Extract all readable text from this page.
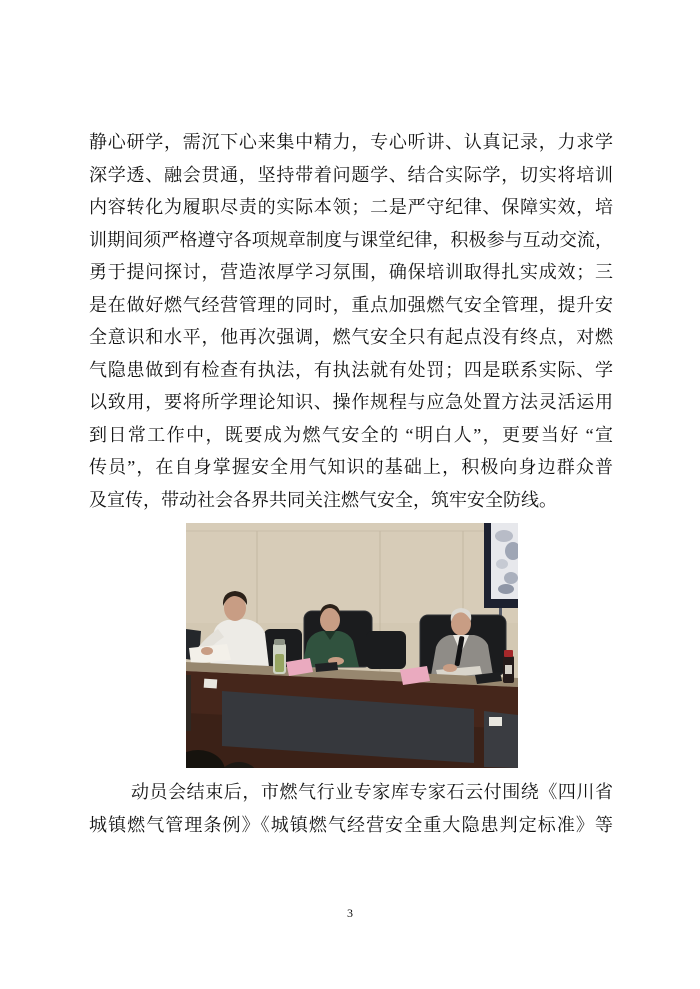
静心研学，需沉下心来集中精力，专心听讲、认真记录，力求学
深学透、融会贯通，坚持带着问题学、结合实际学，切实将培训
内容转化为履职尽责的实际本领；二是严守纪律、保障实效，培
训期间须严格遵守各项规章制度与课堂纪律，积极参与互动交流，
勇于提问探讨，营造浓厚学习氛围，确保培训取得扎实成效；三
是在做好燃气经营管理的同时，重点加强燃气安全管理，提升安
全意识和水平，他再次强调，燃气安全只有起点没有终点，对燃
气隐患做到有检查有执法，有执法就有处罚；四是联系实际、学
以致用，要将所学理论知识、操作规程与应急处置方法灵活运用
到日常工作中，既要成为燃气安全的 “明白人”，更要当好 “宣
传员”，在自身掌握安全用气知识的基础上，积极向身边群众普
及宣传，带动社会各界共同关注燃气安全，筑牢安全防线。
动员会结束后，市燃气行业专家库专家石云付围绕《四川省
城镇燃气管理条例》《城镇燃气经营安全重大隐患判定标准》等
3
